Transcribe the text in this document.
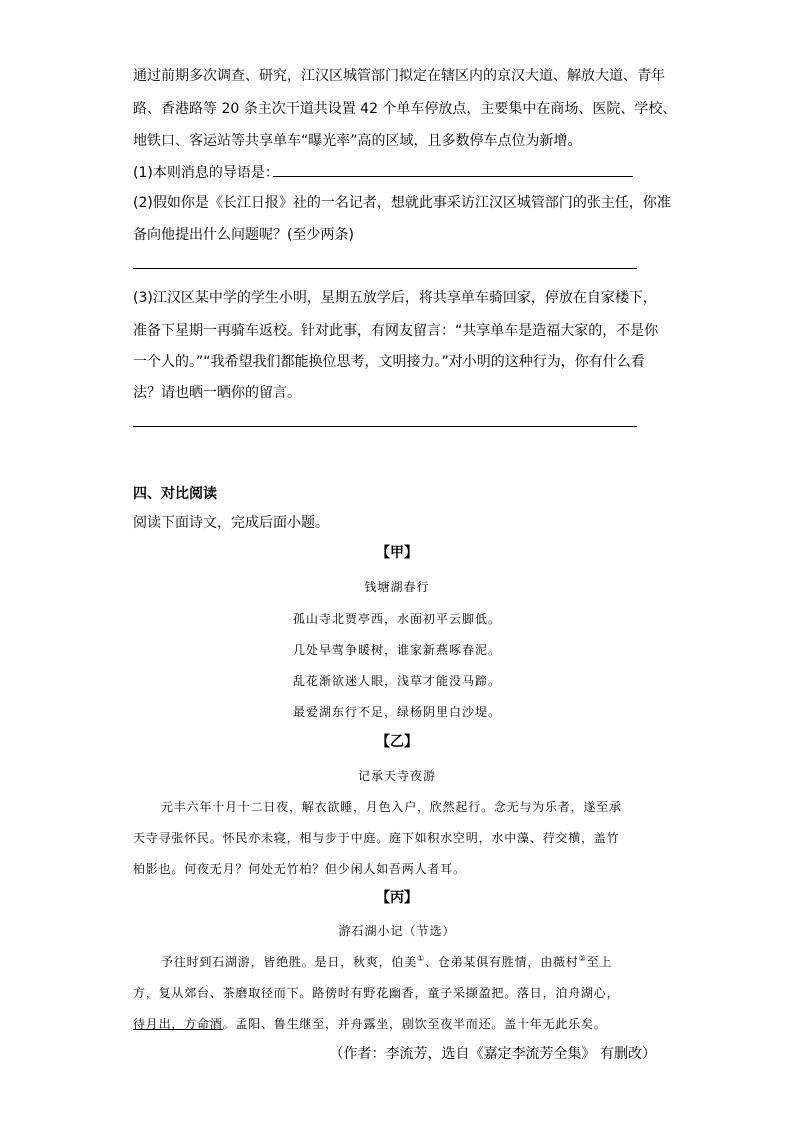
通过前期多次调查、研究，江汉区城管部门拟定在辖区内的京汉大道、解放大道、青年
路、香港路等 20 条主次干道共设置 42 个单车停放点，主要集中在商场、医院、学校、
地铁口、客运站等共享单车“曝光率”高的区域，且多数停车点位为新增。
(1)本则消息的导语是：
(2)假如你是《长江日报》社的一名记者，想就此事采访江汉区城管部门的张主任，你准
备向他提出什么问题呢？(至少两条)
(3)江汉区某中学的学生小明，星期五放学后，将共享单车骑回家，停放在自家楼下，
准备下星期一再骑车返校。针对此事，有网友留言：“共享单车是造福大家的，不是你
一个人的。”“我希望我们都能换位思考，文明接力。”对小明的这种行为，你有什么看
法？请也晒一晒你的留言。
四、对比阅读
阅读下面诗文，完成后面小题。
【甲】
钱塘湖春行
孤山寺北贾亭西，水面初平云脚低。
几处早莺争暖树，谁家新燕啄春泥。
乱花渐欲迷人眼，浅草才能没马蹄。
最爱湖东行不足，绿杨阴里白沙堤。
【乙】
记承天寺夜游
元丰六年十月十二日夜，解衣欲睡，月色入户，欣然起行。念无与为乐者，遂至承
天寺寻张怀民。怀民亦未寝，相与步于中庭。庭下如积水空明，水中藻、荇交横，盖竹
柏影也。何夜无月？何处无竹柏？但少闲人如吾两人者耳。
【丙】
游石湖小记（节选）
予往时到石湖游，皆绝胜。是日，秋爽，伯美①、仓弟某俱有胜情，由薇村②至上
方，复从郊台、茶磨取径而下。路傍时有野花幽香，童子采撷盈把。落日，泊舟湖心，
待月出，方命酒。孟阳、鲁生继至，并舟露坐，剧饮至夜半而还。盖十年无此乐矣。
（作者：李流芳，选自《嘉定李流芳全集》 有删改）
